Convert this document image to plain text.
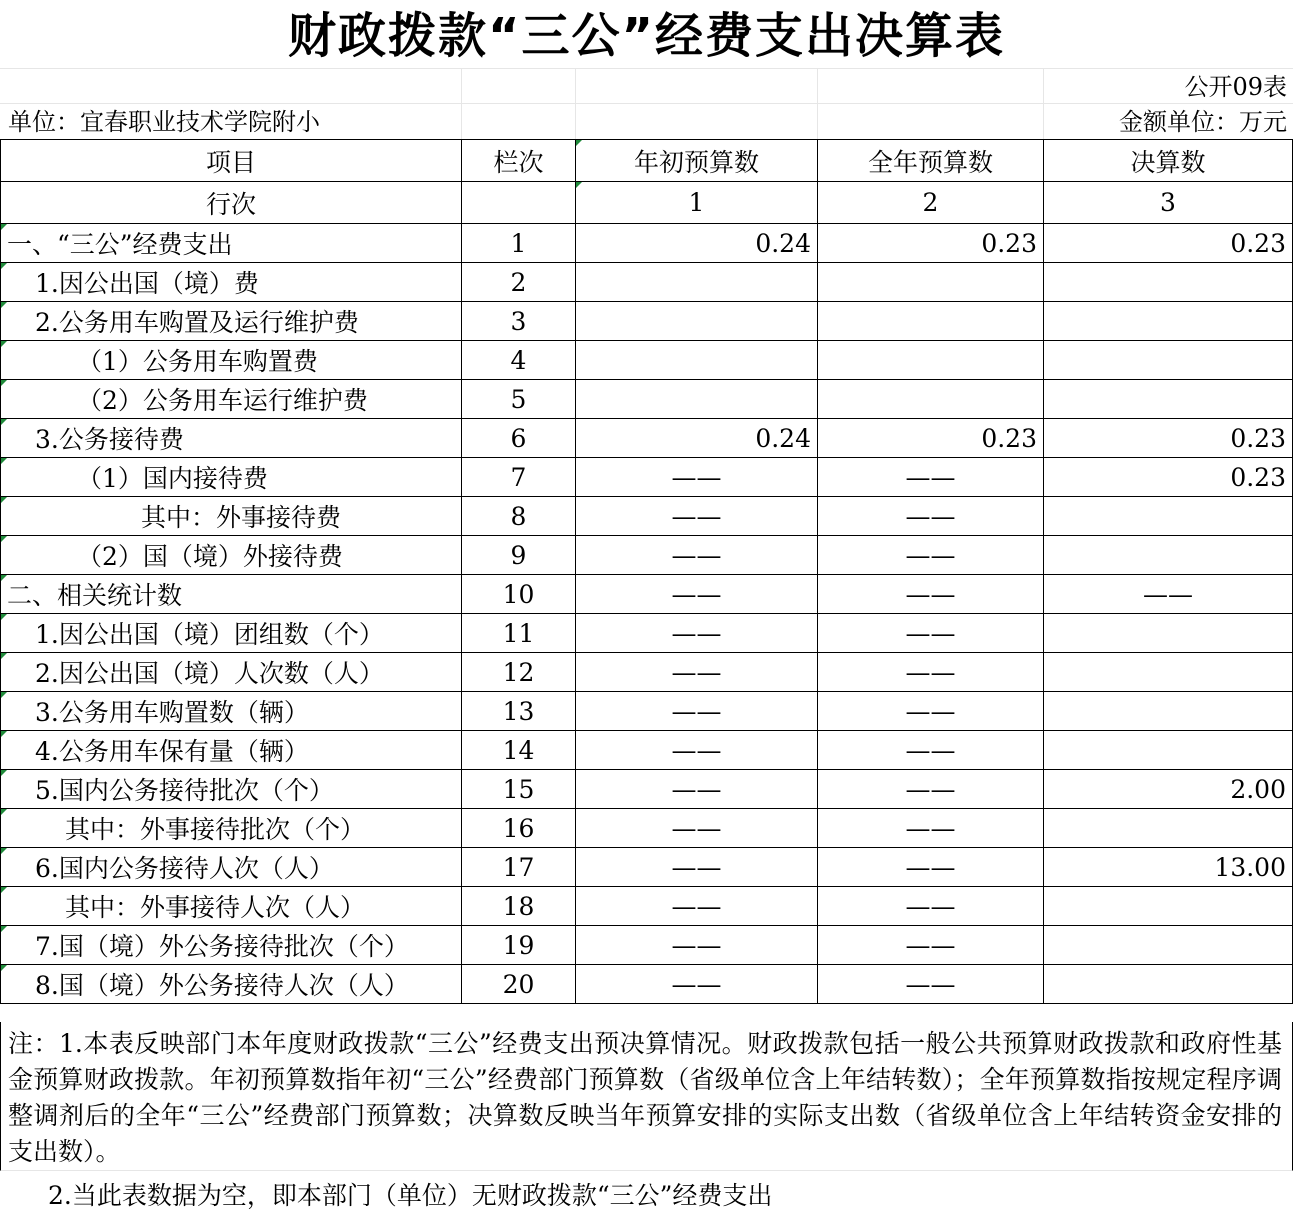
财政拨款“三公”经费支出决算表
公开09表
单位：宜春职业技术学院附小	金额单位：万元
项目	栏次	年初预算数	全年预算数	决算数
行次		1	2	3
一、“三公”经费支出	1	0.24	0.23	0.23
1.因公出国（境）费	2			
2.公务用车购置及运行维护费	3			
（1）公务用车购置费	4			
（2）公务用车运行维护费	5			
3.公务接待费	6	0.24	0.23	0.23
（1）国内接待费	7	——	——	0.23
其中：外事接待费	8	——	——	
（2）国（境）外接待费	9	——	——	
二、相关统计数	10	——	——	——
1.因公出国（境）团组数（个）	11	——	——	
2.因公出国（境）人次数（人）	12	——	——	
3.公务用车购置数（辆）	13	——	——	
4.公务用车保有量（辆）	14	——	——	
5.国内公务接待批次（个）	15	——	——	2.00
其中：外事接待批次（个）	16	——	——	
6.国内公务接待人次（人）	17	——	——	13.00
其中：外事接待人次（人）	18	——	——	
7.国（境）外公务接待批次（个）	19	——	——	
8.国（境）外公务接待人次（人）	20	——	——	
注：1.本表反映部门本年度财政拨款“三公”经费支出预决算情况。财政拨款包括一般公共预算财政拨款和政府性基金预算财政拨款。年初预算数指年初“三公”经费部门预算数（省级单位含上年结转数）；全年预算数指按规定程序调整调剂后的全年“三公”经费部门预算数；决算数反映当年预算安排的实际支出数（省级单位含上年结转资金安排的支出数）。
2.当此表数据为空，即本部门（单位）无财政拨款“三公”经费支出
